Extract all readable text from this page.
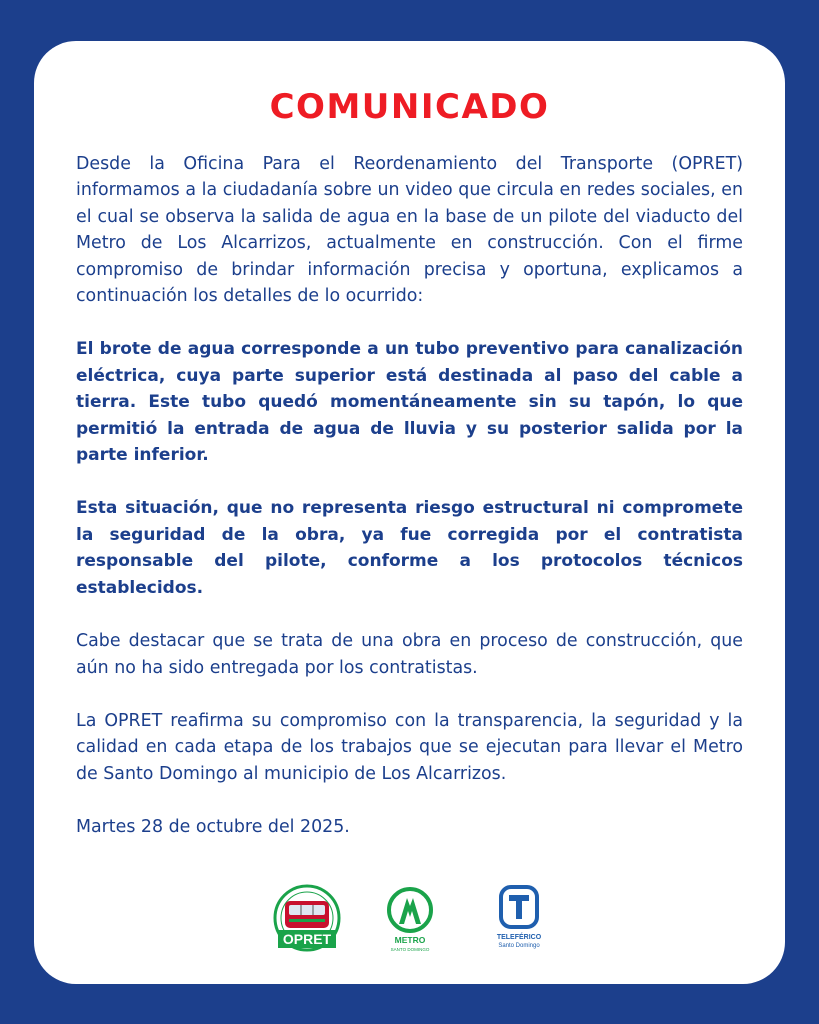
COMUNICADO

Desde la Oficina Para el Reordenamiento del Transporte (OPRET) informamos a la ciudadanía sobre un video que circula en redes sociales, en el cual se observa la salida de agua en la base de un pilote del viaducto del Metro de Los Alcarrizos, actualmente en construcción. Con el firme compromiso de brindar información precisa y oportuna, explicamos a continuación los detalles de lo ocurrido:

El brote de agua corresponde a un tubo preventivo para canalización eléctrica, cuya parte superior está destinada al paso del cable a tierra. Este tubo quedó momentáneamente sin su tapón, lo que permitió la entrada de agua de lluvia y su posterior salida por la parte inferior.

Esta situación, que no representa riesgo estructural ni compromete la seguridad de la obra, ya fue corregida por el contratista responsable del pilote, conforme a los protocolos técnicos establecidos.

Cabe destacar que se trata de una obra en proceso de construcción, que aún no ha sido entregada por los contratistas.

La OPRET reafirma su compromiso con la transparencia, la seguridad y la calidad en cada etapa de los trabajos que se ejecutan para llevar el Metro de Santo Domingo al municipio de Los Alcarrizos.

Martes 28 de octubre del 2025.

OPRET	METRO
SANTO DOMINGO
TELEFÉRICO
Santo Domingo
